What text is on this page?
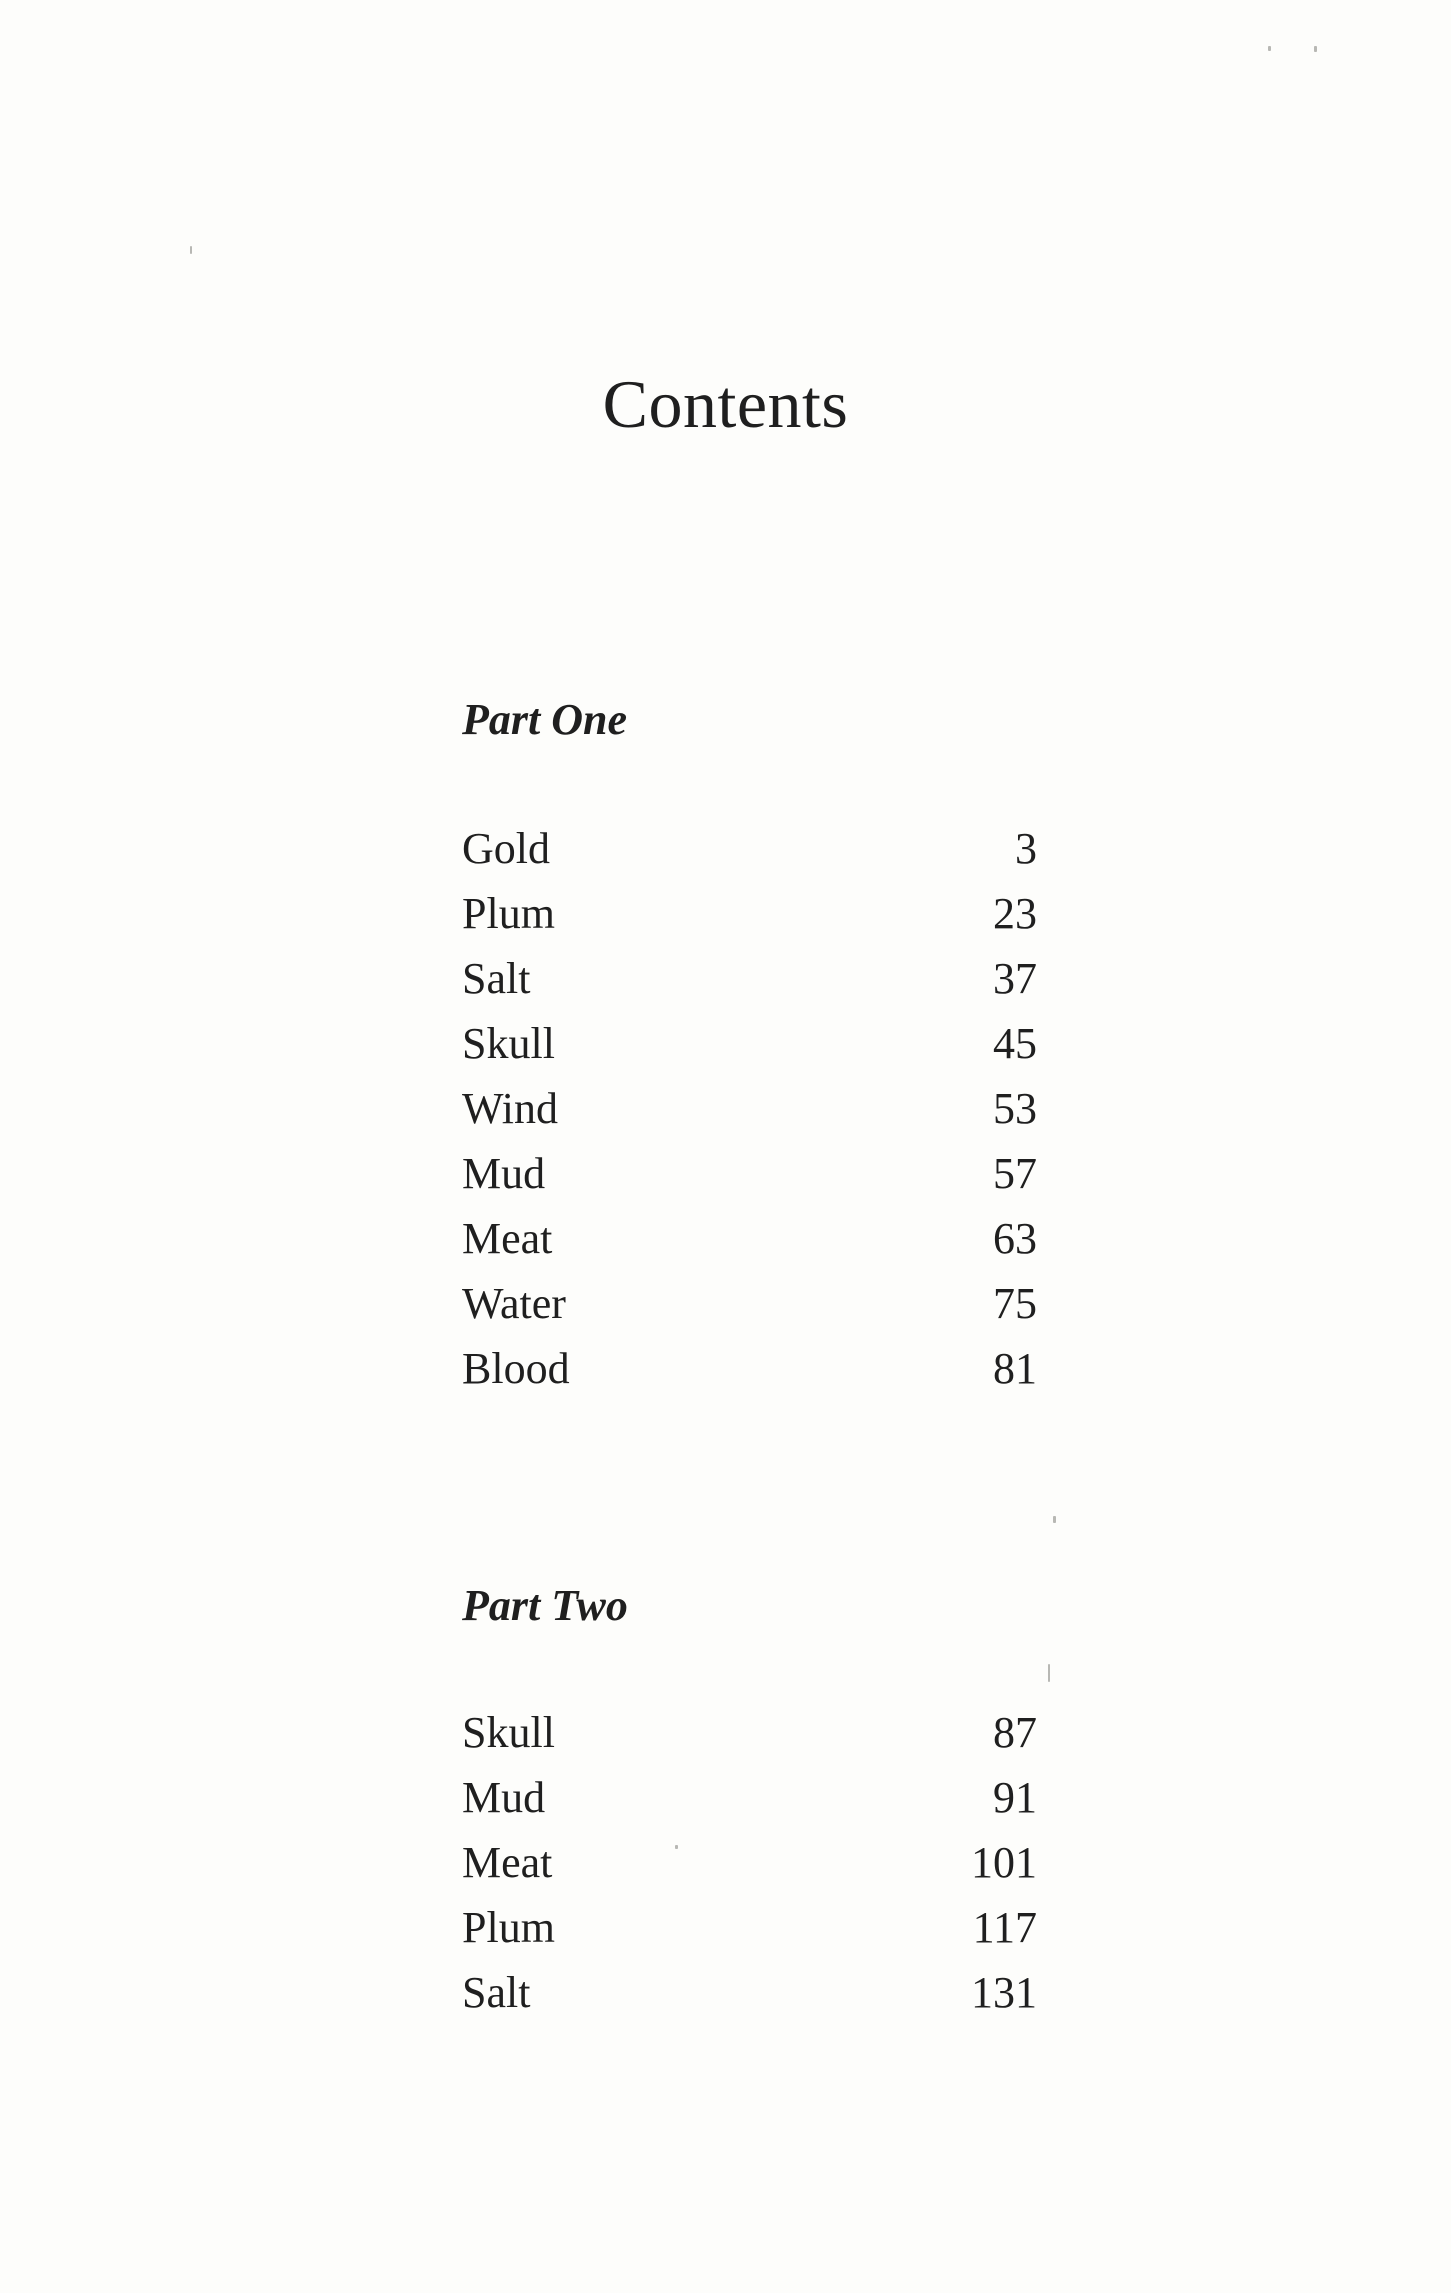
Contents
Part One
Gold	3
Plum	23
Salt	37
Skull	45
Wind	53
Mud	57
Meat	63
Water	75
Blood	81
Part Two
Skull	87
Mud	91
Meat	101
Plum	117
Salt	131
